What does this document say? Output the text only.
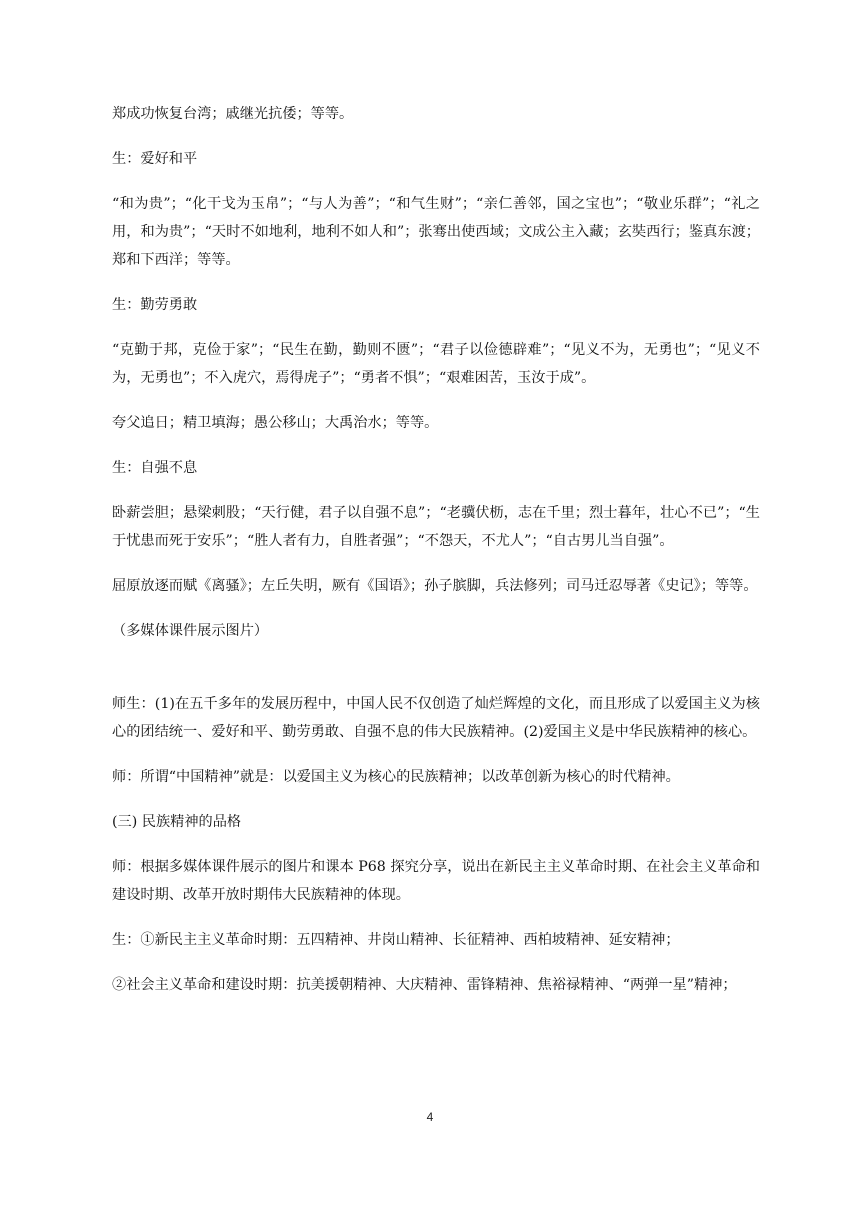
郑成功恢复台湾；戚继光抗倭；等等。

生：爱好和平

“和为贵”；“化干戈为玉帛”；“与人为善”；“和气生财”；“亲仁善邻，国之宝也”；“敬业乐群”；“礼之用，和为贵”；“天时不如地利，地利不如人和”；张骞出使西域；文成公主入藏；玄奘西行；鉴真东渡；郑和下西洋；等等。

生：勤劳勇敢

“克勤于邦，克俭于家”；“民生在勤，勤则不匮”；“君子以俭德辟难”；“见义不为，无勇也”；“见义不为，无勇也”；不入虎穴，焉得虎子”；“勇者不惧”；“艰难困苦，玉汝于成”。

夸父追日；精卫填海；愚公移山；大禹治水；等等。

生：自强不息

卧薪尝胆；悬梁刺股；“天行健，君子以自强不息”；“老骥伏枥，志在千里；烈士暮年，壮心不已”；“生于忧患而死于安乐”；“胜人者有力，自胜者强”；“不怨天，不尤人”；“自古男儿当自强”。

屈原放逐而赋《离骚》；左丘失明，厥有《国语》；孙子膑脚，兵法修列；司马迁忍辱著《史记》；等等。

（多媒体课件展示图片）

师生：(1)在五千多年的发展历程中，中国人民不仅创造了灿烂辉煌的文化，而且形成了以爱国主义为核心的团结统一、爱好和平、勤劳勇敢、自强不息的伟大民族精神。(2)爱国主义是中华民族精神的核心。

师：所谓“中国精神”就是：以爱国主义为核心的民族精神；以改革创新为核心的时代精神。

(三) 民族精神的品格

师：根据多媒体课件展示的图片和课本 P68 探究分享，说出在新民主主义革命时期、在社会主义革命和建设时期、改革开放时期伟大民族精神的体现。

生：①新民主主义革命时期：五四精神、井岗山精神、长征精神、西柏坡精神、延安精神；

②社会主义革命和建设时期：抗美援朝精神、大庆精神、雷锋精神、焦裕禄精神、“两弹一星”精神；

4
